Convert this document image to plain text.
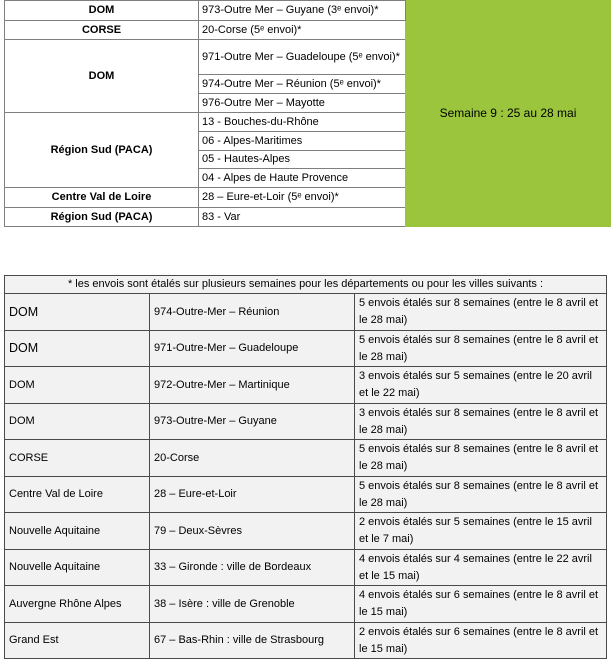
DOM	973-Outre Mer – Guyane (3ᵉ envoi)*	Semaine 9 : 25 au 28 mai
CORSE	20-Corse (5ᵉ envoi)*	
DOM	971-Outre Mer – Guadeloupe (5ᵉ envoi)*	
	974-Outre Mer – Réunion (5ᵉ envoi)*	
	976-Outre Mer – Mayotte	
Région Sud (PACA)	13 - Bouches-du-Rhône	
	06 - Alpes-Maritimes	
	05 - Hautes-Alpes	
	04 - Alpes de Haute Provence	
Centre Val de Loire	28 – Eure-et-Loir (5ᵉ envoi)*	
Région Sud (PACA)	83 - Var	
* les envois sont étalés sur plusieurs semaines pour les départements ou pour les villes suivants :		
DOM	974-Outre-Mer – Réunion	5 envois étalés sur 8 semaines (entre le 8 avril et le 28 mai)
DOM	971-Outre-Mer – Guadeloupe	5 envois étalés sur 8 semaines (entre le 8 avril et le 28 mai)
DOM	972-Outre-Mer – Martinique	3 envois étalés sur 5 semaines (entre le 20 avril et le 22 mai)
DOM	973-Outre-Mer – Guyane	3 envois étalés sur 8 semaines (entre le 8 avril et le 28 mai)
CORSE	20-Corse	5 envois étalés sur 8 semaines (entre le 8 avril et le 28 mai)
Centre Val de Loire	28 – Eure-et-Loir	5 envois étalés sur 8 semaines (entre le 8 avril et le 28 mai)
Nouvelle Aquitaine	79 – Deux-Sèvres	2 envois étalés sur 5 semaines (entre le 15 avril et le 7 mai)
Nouvelle Aquitaine	33 – Gironde : ville de Bordeaux	4 envois étalés sur 4 semaines (entre le 22 avril et le 15 mai)
Auvergne Rhône Alpes	38 – Isère : ville de Grenoble	4 envois étalés sur 6 semaines (entre le 8 avril et le 15 mai)
Grand Est	67 – Bas-Rhin : ville de Strasbourg	2 envois étalés sur 6 semaines (entre le 8 avril et le 15 mai)
